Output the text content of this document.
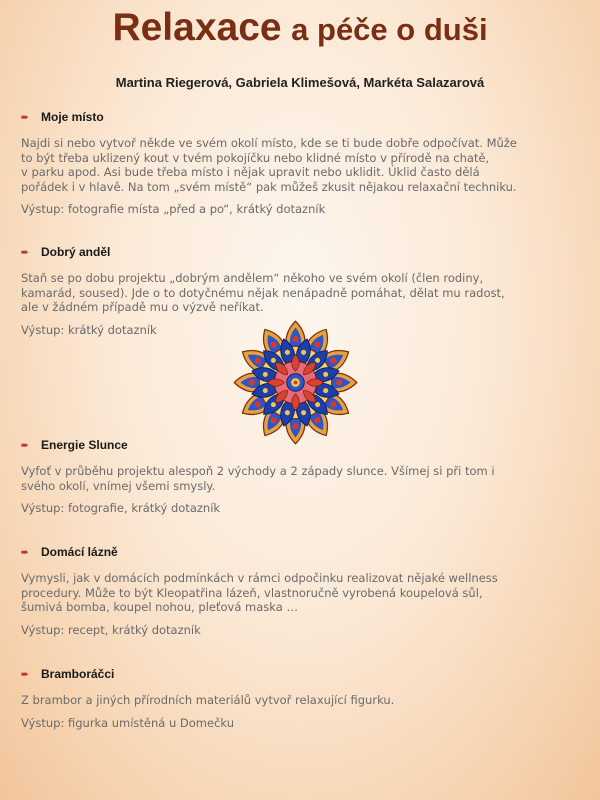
Relaxace a péče o duši
Martina Riegerová, Gabriela Klimešová, Markéta Salazarová
➨ Moje místo
Najdi si nebo vytvoř někde ve svém okolí místo, kde se ti bude dobře odpočívat. Může
to být třeba uklizený kout v tvém pokojíčku nebo klidné místo v přírodě na chatě,
v parku apod. Asi bude třeba místo i nějak upravit nebo uklidit. Úklid často dělá
pořádek i v hlavě. Na tom „svém místě“ pak můžeš zkusit nějakou relaxační techniku.
Výstup: fotografie místa „před a po“, krátký dotazník
➨ Dobrý anděl
Staň se po dobu projektu „dobrým andělem“ někoho ve svém okolí (člen rodiny,
kamarád, soused). Jde o to dotyčnému nějak nenápadně pomáhat, dělat mu radost,
ale v žádném případě mu o výzvě neříkat.
Výstup: krátký dotazník
➨ Energie Slunce
Vyfoť v průběhu projektu alespoň 2 východy a 2 západy slunce. Všímej si při tom i
svého okolí, vnímej všemi smysly.
Výstup: fotografie, krátký dotazník
➨ Domácí lázně
Vymysli, jak v domácích podmínkách v rámci odpočinku realizovat nějaké wellness
procedury. Může to být Kleopatřina lázeň, vlastnoručně vyrobená koupelová sůl,
šumivá bomba, koupel nohou, pleťová maska …
Výstup: recept, krátký dotazník
➨ Bramboráčci
Z brambor a jiných přírodních materiálů vytvoř relaxující figurku.
Výstup: figurka umístěná u Domečku
